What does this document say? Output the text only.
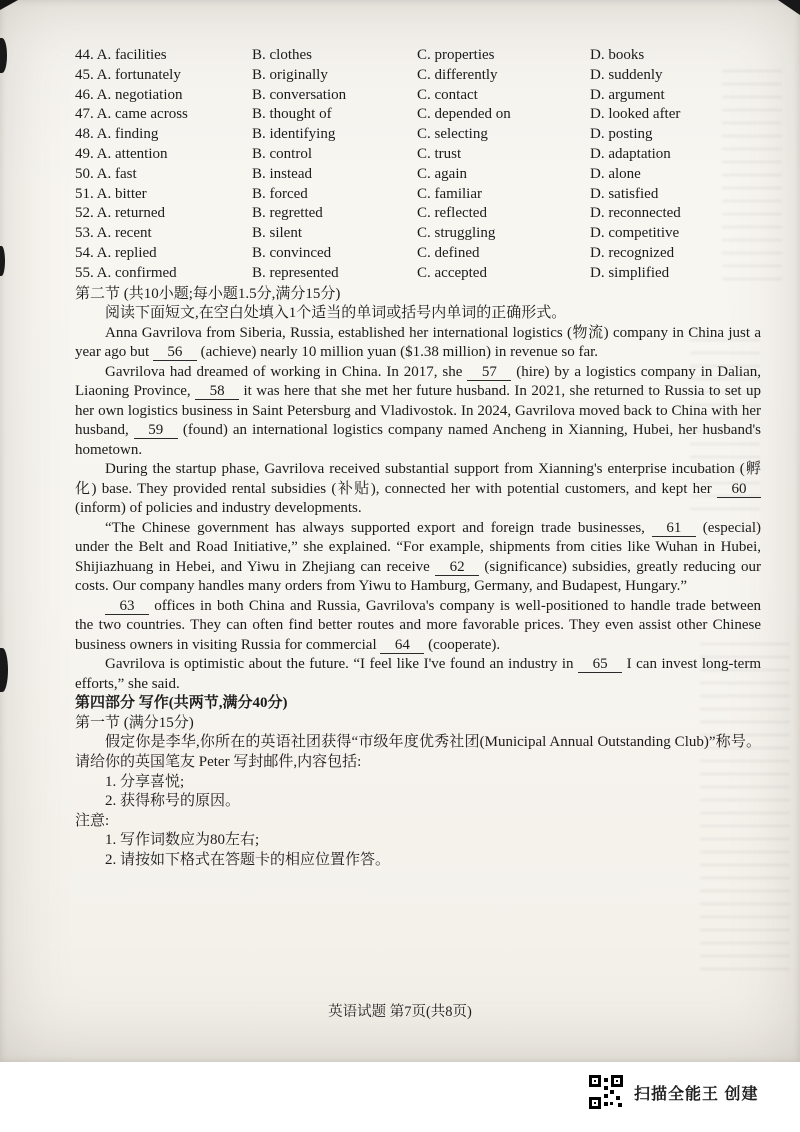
44. A. facilities	B. clothes	C. properties	D. books
45. A. fortunately	B. originally	C. differently	D. suddenly
46. A. negotiation	B. conversation	C. contact	D. argument
47. A. came across	B. thought of	C. depended on	D. looked after
48. A. finding	B. identifying	C. selecting	D. posting
49. A. attention	B. control	C. trust	D. adaptation
50. A. fast	B. instead	C. again	D. alone
51. A. bitter	B. forced	C. familiar	D. satisfied
52. A. returned	B. regretted	C. reflected	D. reconnected
53. A. recent	B. silent	C. struggling	D. competitive
54. A. replied	B. convinced	C. defined	D. recognized
55. A. confirmed	B. represented	C. accepted	D. simplified
第二节 (共10小题;每小题1.5分,满分15分)
阅读下面短文,在空白处填入1个适当的单词或括号内单词的正确形式。

Anna Gavrilova from Siberia, Russia, established her international logistics (物流) company in China just a year ago but 56 (achieve) nearly 10 million yuan ($1.38 million) in revenue so far.

Gavrilova had dreamed of working in China. In 2017, she 57 (hire) by a logistics company in Dalian, Liaoning Province, 58 it was here that she met her future husband. In 2021, she returned to Russia to set up her own logistics business in Saint Petersburg and Vladivostok. In 2024, Gavrilova moved back to China with her husband, 59 (found) an international logistics company named Ancheng in Xianning, Hubei, her husband's hometown.

During the startup phase, Gavrilova received substantial support from Xianning's enterprise incubation (孵化) base. They provided rental subsidies (补贴), connected her with potential customers, and kept her 60 (inform) of policies and industry developments.

“The Chinese government has always supported export and foreign trade businesses, 61 (especial) under the Belt and Road Initiative,” she explained. “For example, shipments from cities like Wuhan in Hubei, Shijiazhuang in Hebei, and Yiwu in Zhejiang can receive 62 (significance) subsidies, greatly reducing our costs. Our company handles many orders from Yiwu to Hamburg, Germany, and Budapest, Hungary.”

63 offices in both China and Russia, Gavrilova's company is well-positioned to handle trade between the two countries. They can often find better routes and more favorable prices. They even assist other Chinese business owners in visiting Russia for commercial 64 (cooperate).

Gavrilova is optimistic about the future. “I feel like I've found an industry in 65 I can invest long-term efforts,” she said.

第四部分 写作(共两节,满分40分)
第一节 (满分15分)

假定你是李华,你所在的英语社团获得“市级年度优秀社团(Municipal Annual Outstanding Club)”称号。请给你的英国笔友 Peter 写封邮件,内容包括:

1. 分享喜悦;
2. 获得称号的原因。
注意:
1. 写作词数应为80左右;
2. 请按如下格式在答题卡的相应位置作答。
英语试题 第7页(共8页)
扫描全能王 创建
